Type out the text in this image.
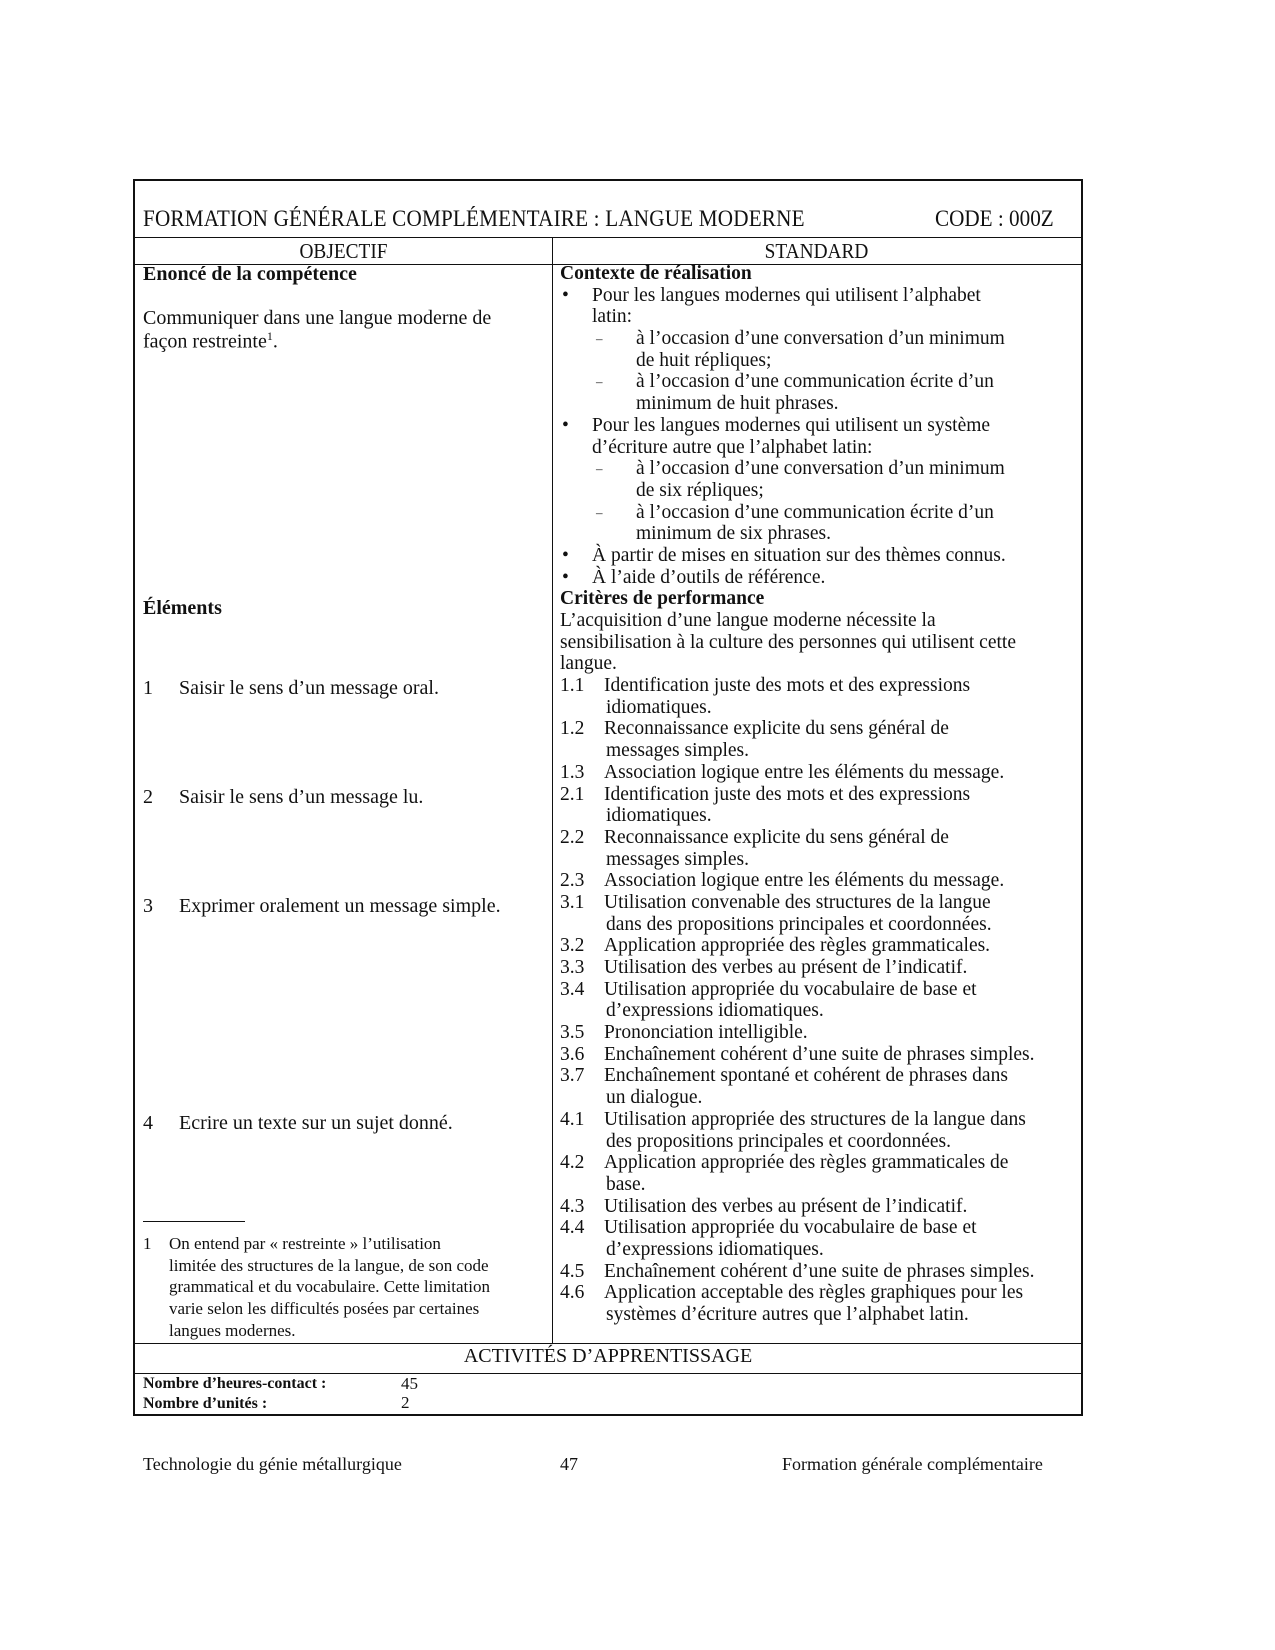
FORMATION GÉNÉRALE COMPLÉMENTAIRE : LANGUE MODERNE	CODE : 000Z
OBJECTIF	STANDARD
Enoncé de la compétence
Communiquer dans une langue moderne de
façon restreinte$^1$.
Éléments
1 Saisir le sens d’un message oral.
2 Saisir le sens d’un message lu.
3 Exprimer oralement un message simple.
4 Ecrire un texte sur un sujet donné.
1 On entend par « restreinte » l’utilisation
limitée des structures de la langue, de son code
grammatical et du vocabulaire. Cette limitation
varie selon les difficultés posées par certaines
langues modernes.
Contexte de réalisation
• Pour les langues modernes qui utilisent l’alphabet
latin:
– à l’occasion d’une conversation d’un minimum
de huit répliques;
– à l’occasion d’une communication écrite d’un
minimum de huit phrases.
• Pour les langues modernes qui utilisent un système
d’écriture autre que l’alphabet latin:
– à l’occasion d’une conversation d’un minimum
de six répliques;
– à l’occasion d’une communication écrite d’un
minimum de six phrases.
• À partir de mises en situation sur des thèmes connus.
• À l’aide d’outils de référence.
Critères de performance
L’acquisition d’une langue moderne nécessite la
sensibilisation à la culture des personnes qui utilisent cette
langue.
1.1 Identification juste des mots et des expressions
idiomatiques.
1.2 Reconnaissance explicite du sens général de
messages simples.
1.3 Association logique entre les éléments du message.
2.1 Identification juste des mots et des expressions
idiomatiques.
2.2 Reconnaissance explicite du sens général de
messages simples.
2.3 Association logique entre les éléments du message.
3.1 Utilisation convenable des structures de la langue
dans des propositions principales et coordonnées.
3.2 Application appropriée des règles grammaticales.
3.3 Utilisation des verbes au présent de l’indicatif.
3.4 Utilisation appropriée du vocabulaire de base et
d’expressions idiomatiques.
3.5 Prononciation intelligible.
3.6 Enchaînement cohérent d’une suite de phrases simples.
3.7 Enchaînement spontané et cohérent de phrases dans
un dialogue.
4.1 Utilisation appropriée des structures de la langue dans
des propositions principales et coordonnées.
4.2 Application appropriée des règles grammaticales de
base.
4.3 Utilisation des verbes au présent de l’indicatif.
4.4 Utilisation appropriée du vocabulaire de base et
d’expressions idiomatiques.
4.5 Enchaînement cohérent d’une suite de phrases simples.
4.6 Application acceptable des règles graphiques pour les
systèmes d’écriture autres que l’alphabet latin.
ACTIVITÉS D’APPRENTISSAGE
Nombre d’heures-contact :	45
Nombre d’unités :	2
Technologie du génie métallurgique	47	Formation générale complémentaire
